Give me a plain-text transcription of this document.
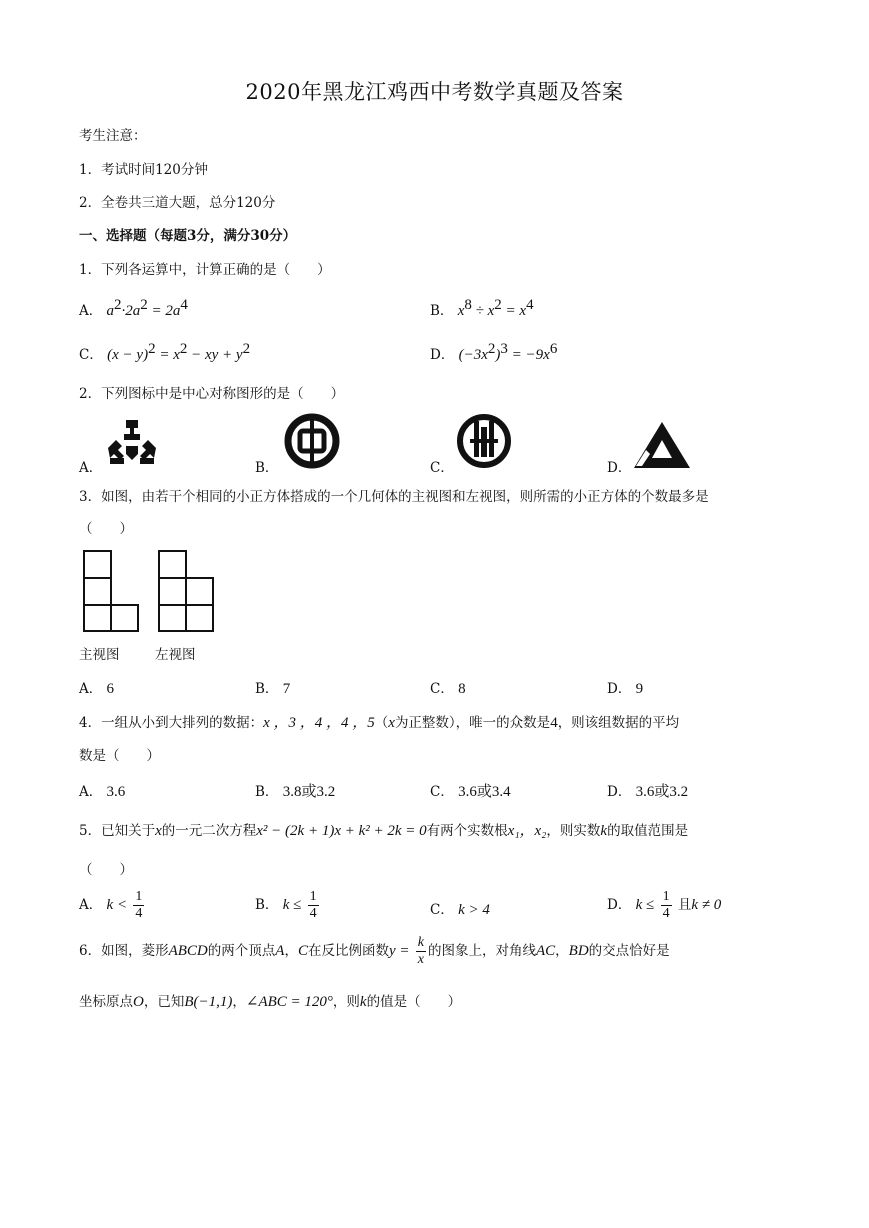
2020年黑龙江鸡西中考数学真题及答案
考生注意：
1．考试时间120分钟
2．全卷共三道大题，总分120分
一、选择题（每题3分，满分30分）
1．下列各运算中，计算正确的是（　　）
A． $a^2\cdot 2a^2 = 2a^4$	B． $x^8 \div x^2 = x^4$
C． $(x - y)^2 = x^2$ − xy + $y^2$	D． $(-3x^2)^3 = -9x^6$
2．下列图标中是中心对称图形的是（　　）
A．	B．	C．	D．
3．如图，由若干个相同的小正方体搭成的一个几何体的主视图和左视图，则所需的小正方体的个数最多是
（　　）
主视图	左视图
A． 6	B． 7	C． 8	D． 9
4．一组从小到大排列的数据：x ，3 ，4 ，4 ，5（x为正整数），唯一的众数是4，则该组数据的平均
数是（　　）
A． 3.6	B． 3.8或3.2	C． 3.6或3.4	D． 3.6或3.2
5．已知关于x的一元二次方程x² − (2k + 1)x + k² + 2k = 0有两个实数根x₁，x₂，则实数k的取值范围是
（　　）
A． $k < \frac{1}{4}$	B． $k \le \frac{1}{4}$	C． k > 4	D． $k \le \frac{1}{4}$ 且k ≠ 0
6．如图，菱形ABCD的两个顶点A，C在反比例函数$y = \frac{k}{x}$ 的图象上，对角线AC，BD的交点恰好是
坐标原点O，已知B(−1,1)，∠ABC = 120°，则k的值是（　　）
